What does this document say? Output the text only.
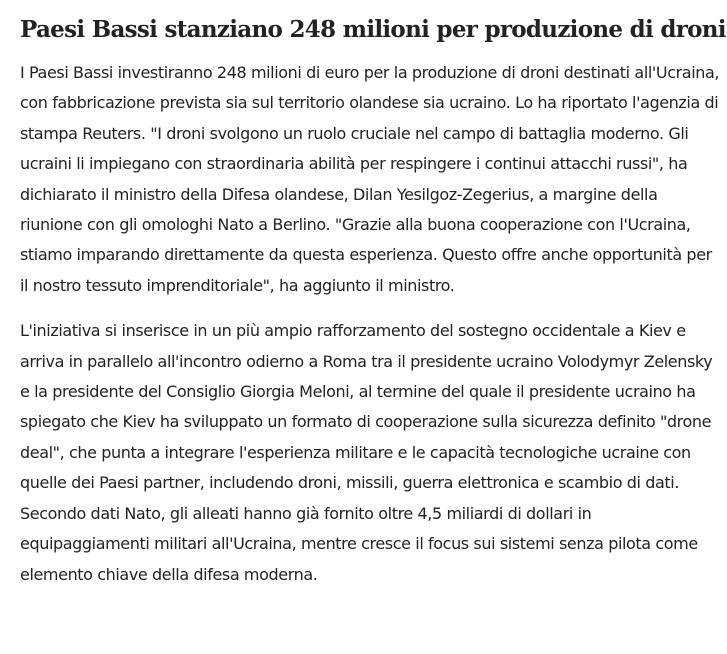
Paesi Bassi stanziano 248 milioni per produzione di droni

I Paesi Bassi investiranno 248 milioni di euro per la produzione di droni destinati all'Ucraina, con fabbricazione prevista sia sul territorio olandese sia ucraino. Lo ha riportato l'agenzia di stampa Reuters. "I droni svolgono un ruolo cruciale nel campo di battaglia moderno. Gli ucraini li impiegano con straordinaria abilità per respingere i continui attacchi russi", ha dichiarato il ministro della Difesa olandese, Dilan Yesilgoz-Zegerius, a margine della riunione con gli omologhi Nato a Berlino. "Grazie alla buona cooperazione con l'Ucraina, stiamo imparando direttamente da questa esperienza. Questo offre anche opportunità per il nostro tessuto imprenditoriale", ha aggiunto il ministro.

L'iniziativa si inserisce in un più ampio rafforzamento del sostegno occidentale a Kiev e arriva in parallelo all'incontro odierno a Roma tra il presidente ucraino Volodymyr Zelensky e la presidente del Consiglio Giorgia Meloni, al termine del quale il presidente ucraino ha spiegato che Kiev ha sviluppato un formato di cooperazione sulla sicurezza definito "drone deal", che punta a integrare l'esperienza militare e le capacità tecnologiche ucraine con quelle dei Paesi partner, includendo droni, missili, guerra elettronica e scambio di dati. Secondo dati Nato, gli alleati hanno già fornito oltre 4,5 miliardi di dollari in equipaggiamenti militari all'Ucraina, mentre cresce il focus sui sistemi senza pilota come elemento chiave della difesa moderna.
